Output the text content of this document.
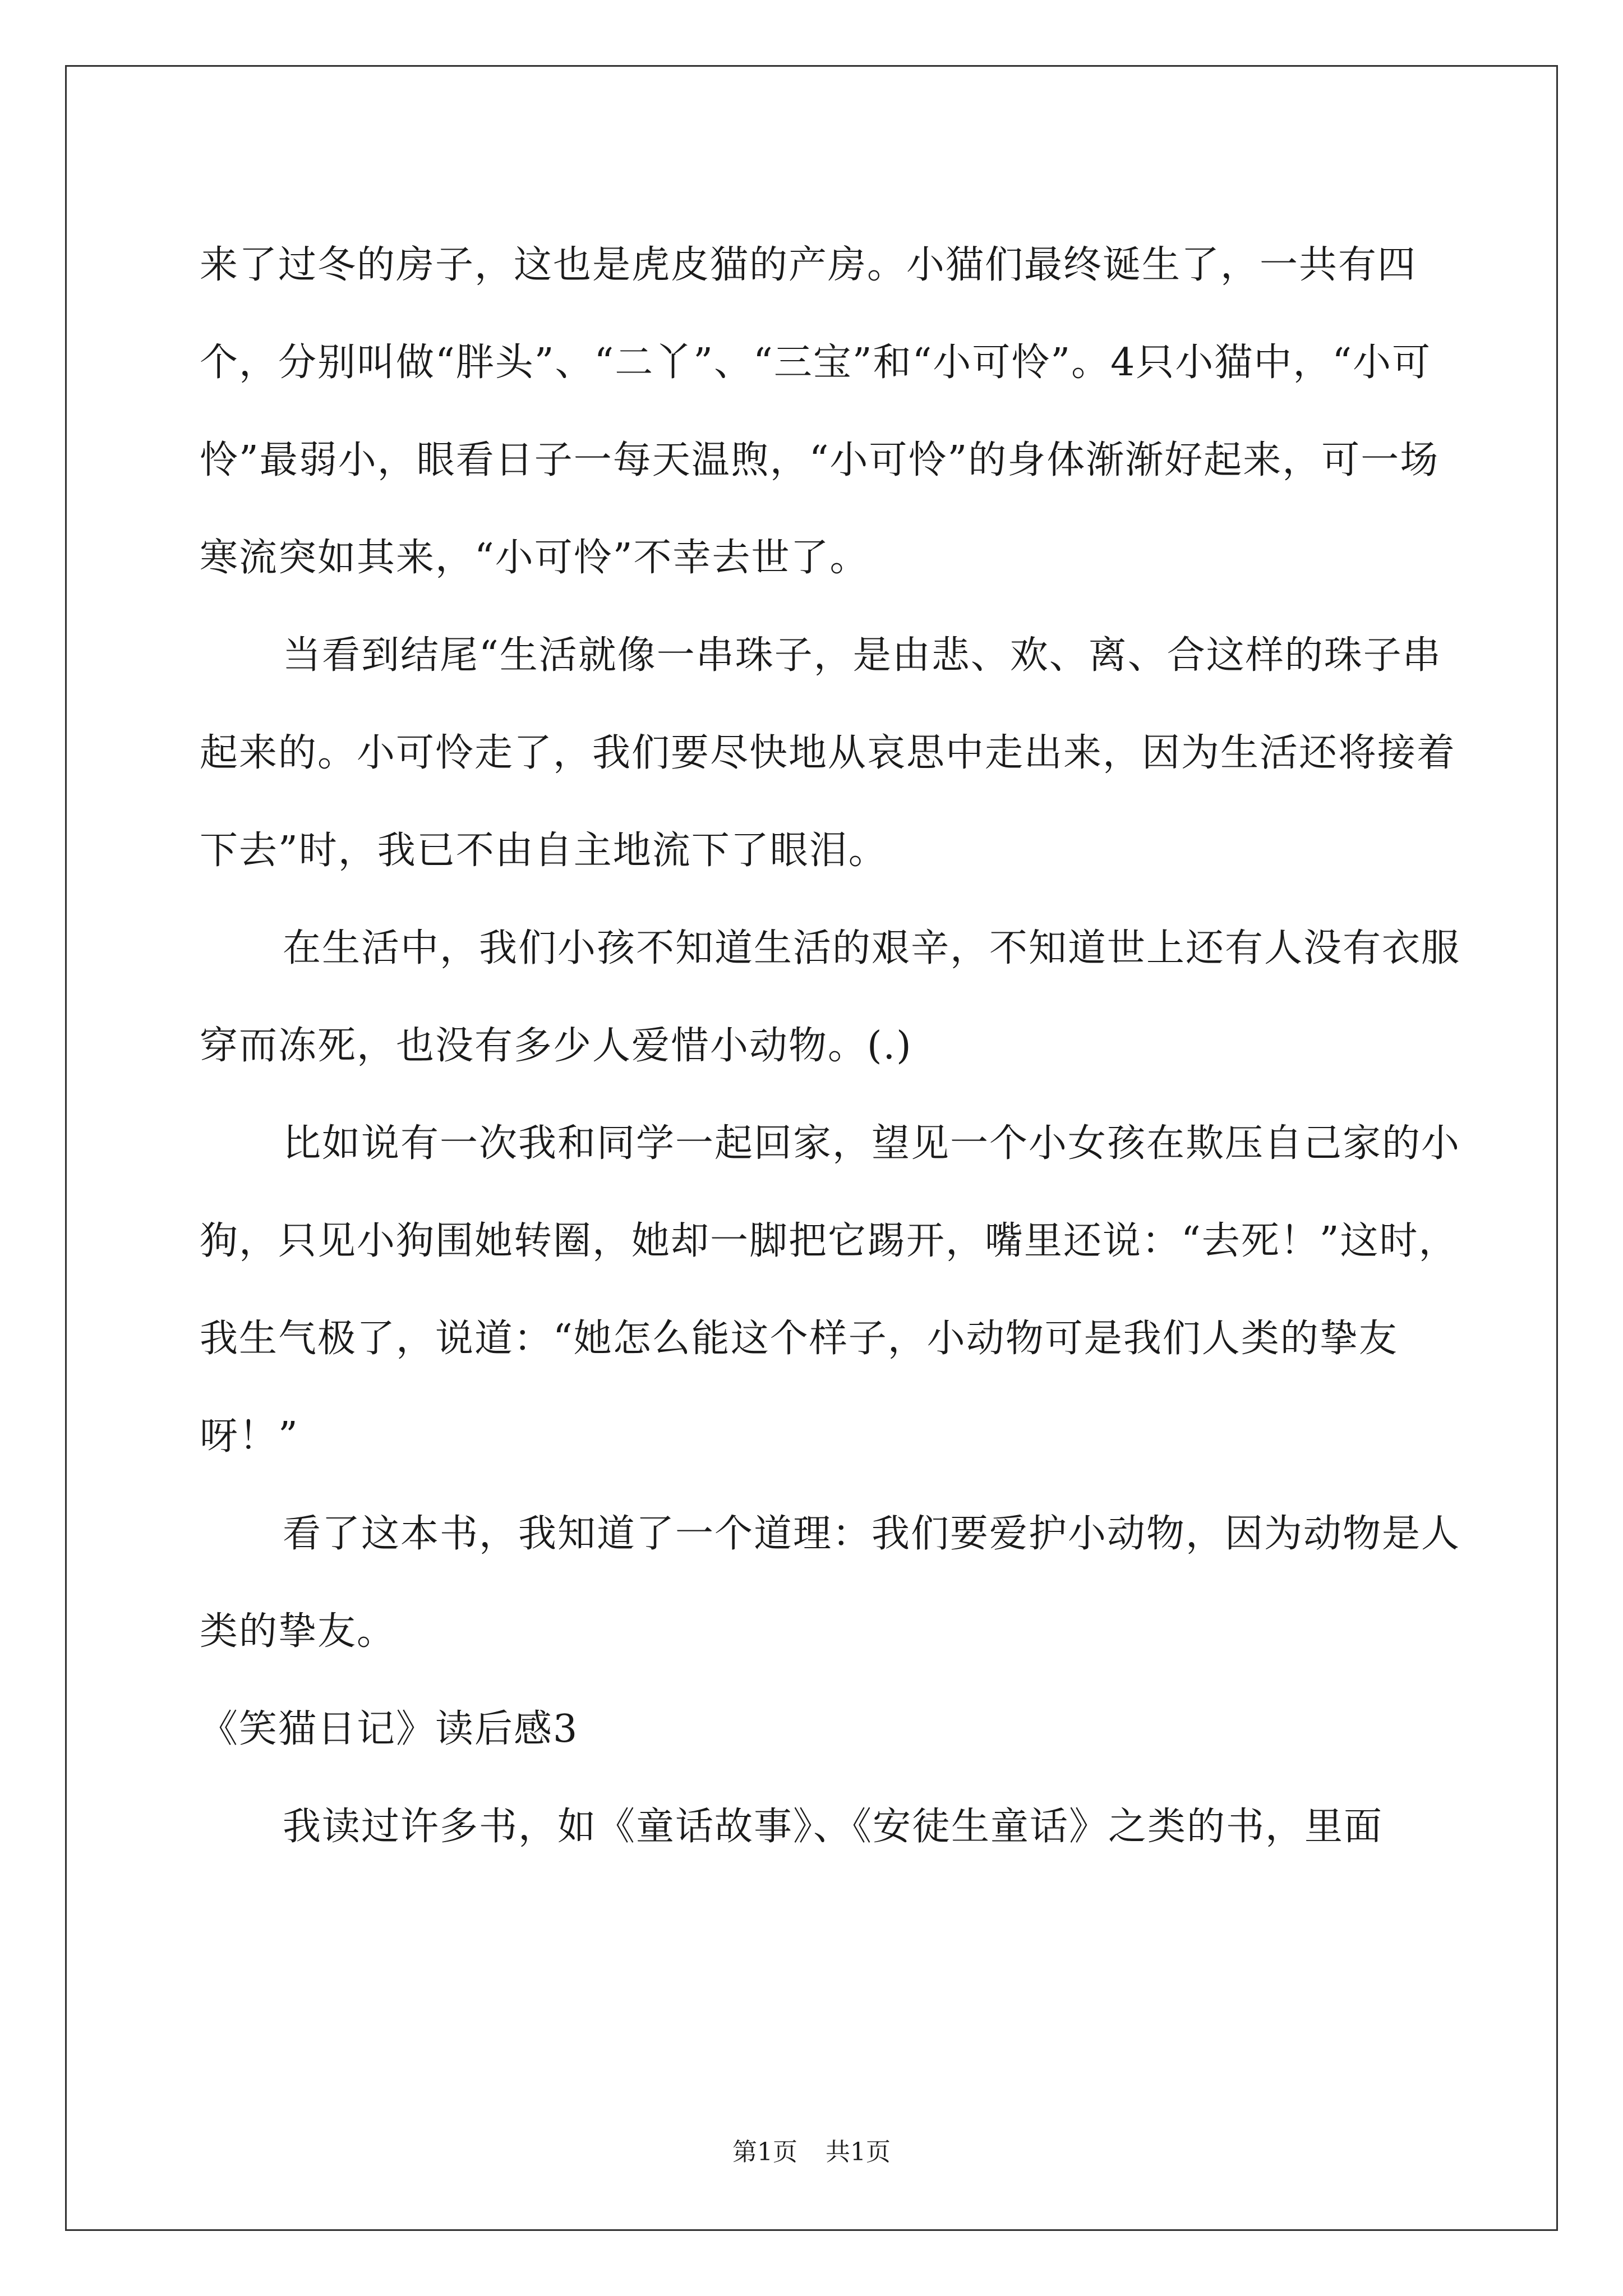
来了过冬的房子，这也是虎皮猫的产房。小猫们最终诞生了，一共有四个，分别叫做“胖头”、“二丫”、“三宝”和“小可怜”。4只小猫中，“小可怜”最弱小，眼看日子一每天温煦，“小可怜”的身体渐渐好起来，可一场寒流突如其来，“小可怜”不幸去世了。

当看到结尾“生活就像一串珠子，是由悲、欢、离、合这样的珠子串起来的。小可怜走了，我们要尽快地从哀思中走出来，因为生活还将接着下去”时，我已不由自主地流下了眼泪。

在生活中，我们小孩不知道生活的艰辛，不知道世上还有人没有衣服穿而冻死，也没有多少人爱惜小动物。(.)

比如说有一次我和同学一起回家，望见一个小女孩在欺压自己家的小狗，只见小狗围她转圈，她却一脚把它踢开，嘴里还说：“去死！”这时，我生气极了，说道：“她怎么能这个样子，小动物可是我们人类的挚友呀！”

看了这本书，我知道了一个道理：我们要爱护小动物，因为动物是人类的挚友。

《笑猫日记》读后感3

我读过许多书，如《童话故事》、《安徒生童话》之类的书，里面

第1页 共1页
